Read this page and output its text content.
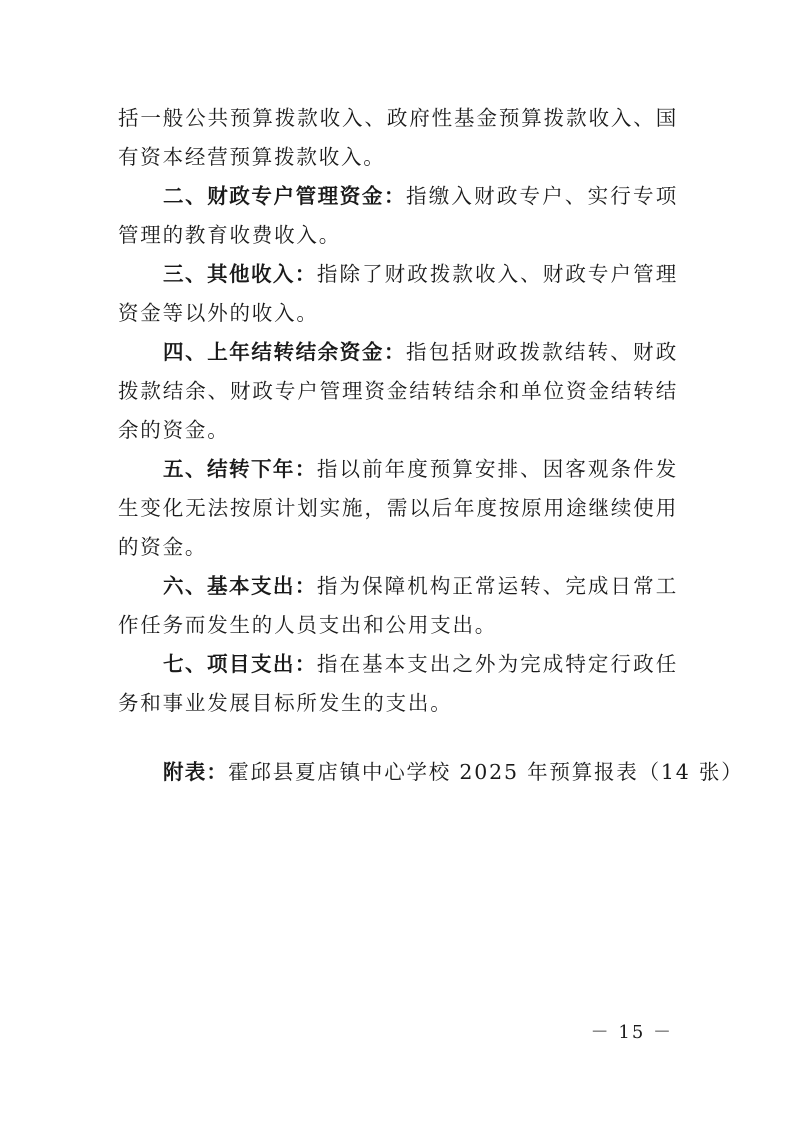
括一般公共预算拨款收入、政府性基金预算拨款收入、国有资本经营预算拨款收入。

二、财政专户管理资金：指缴入财政专户、实行专项管理的教育收费收入。

三、其他收入：指除了财政拨款收入、财政专户管理资金等以外的收入。

四、上年结转结余资金：指包括财政拨款结转、财政拨款结余、财政专户管理资金结转结余和单位资金结转结余的资金。

五、结转下年：指以前年度预算安排、因客观条件发生变化无法按原计划实施，需以后年度按原用途继续使用的资金。

六、基本支出：指为保障机构正常运转、完成日常工作任务而发生的人员支出和公用支出。

七、项目支出：指在基本支出之外为完成特定行政任务和事业发展目标所发生的支出。

附表：霍邱县夏店镇中心学校 2025 年预算报表（14 张）

－ 15 －
